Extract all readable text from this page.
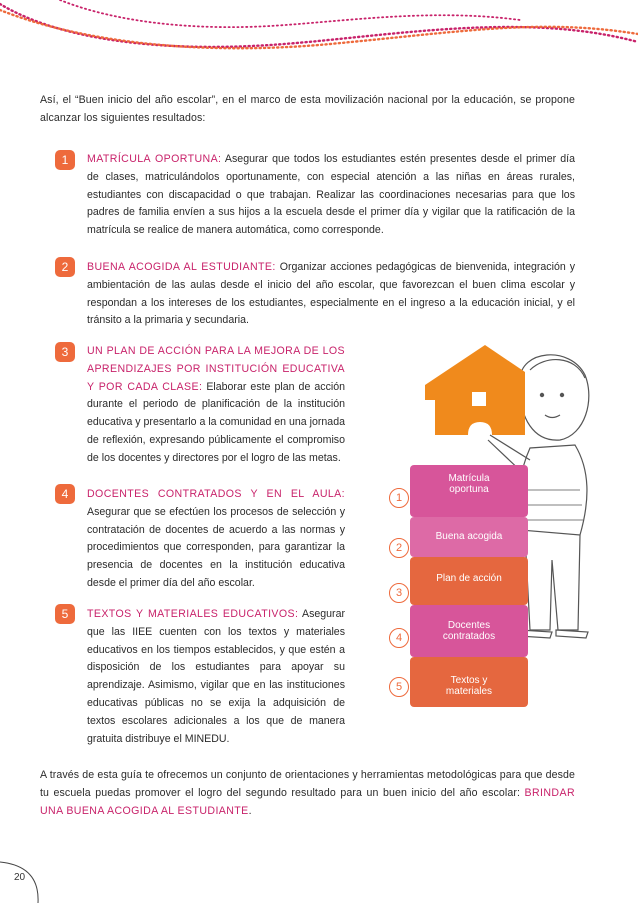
Así, el “Buen inicio del año escolar”, en el marco de esta movilización nacional por la educación, se propone alcanzar los siguientes resultados:
1	MATRÍCULA OPORTUNA: Asegurar que todos los estudiantes estén presentes desde el primer día de clases, matriculándolos oportunamente, con especial atención a las niñas en áreas rurales, estudiantes con discapacidad o que trabajan. Realizar las coordinaciones necesarias para que los padres de familia envíen a sus hijos a la escuela desde el primer día y vigilar que la ratificación de la matrícula se realice de manera automática, como corresponde.
2	BUENA ACOGIDA AL ESTUDIANTE: Organizar acciones pedagógicas de bienvenida, integración y ambientación de las aulas desde el inicio del año escolar, que favorezcan el buen clima escolar y respondan a los intereses de los estudiantes, especialmente en el ingreso a la educación inicial, y el tránsito a la primaria y secundaria.
3	UN PLAN DE ACCIÓN PARA LA MEJORA DE LOS APRENDIZAJES POR INSTITUCIÓN EDUCATIVA Y POR CADA CLASE: Elaborar este plan de acción durante el periodo de planificación de la institución educativa y presentarlo a la comunidad en una jornada de reflexión, expresando públicamente el compromiso de los docentes y directores por el logro de las metas.
4	DOCENTES CONTRATADOS Y EN EL AULA: Asegurar que se efectúen los procesos de selección y contratación de docentes de acuerdo a las normas y procedimientos que corresponden, para garantizar la presencia de docentes en la institución educativa desde el primer día del año escolar.
5	TEXTOS Y MATERIALES EDUCATIVOS: Asegurar que las IIEE cuenten con los textos y materiales educativos en los tiempos establecidos, y que estén a disposición de los estudiantes para apoyar su aprendizaje. Asimismo, vigilar que en las instituciones educativas públicas no se exija la adquisición de textos escolares adicionales a los que de manera gratuita distribuye el MINEDU.
Matrícula
oportuna
Buena acogida
Plan de acción
Docentes
contratados
Textos y
materiales
1
2
3
4
5
A través de esta guía te ofrecemos un conjunto de orientaciones y herramientas metodológicas para que desde tu escuela puedas promover el logro del segundo resultado para un buen inicio del año escolar: BRINDAR UNA BUENA ACOGIDA AL ESTUDIANTE.
20
